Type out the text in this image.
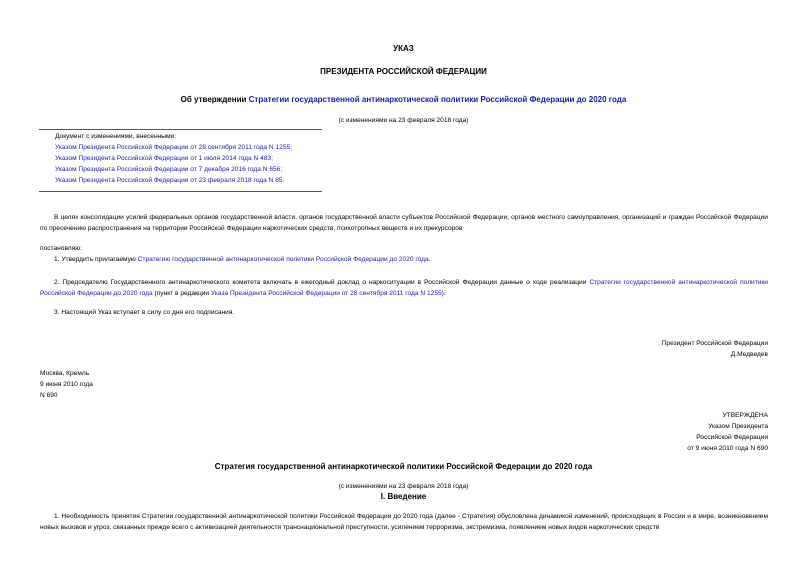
УКАЗ
ПРЕЗИДЕНТА РОССИЙСКОЙ ФЕДЕРАЦИИ
Об утверждении Стратегии государственной антинаркотической политики Российской Федерации до 2020 года
(с изменениями на 23 февраля 2018 года)
Документ с изменениями, внесенными:
Указом Президента Российской Федерации от 28 сентября 2011 года N 1255;
Указом Президента Российской Федерации от 1 июля 2014 года N 483;
Указом Президента Российской Федерации от 7 декабря 2016 года N 656;
Указом Президента Российской Федерации от 23 февраля 2018 года N 85.
В целях консолидации усилий федеральных органов государственной власти, органов государственной власти субъектов Российской Федерации, органов местного самоуправления, организаций и граждан Российской Федерации по пресечению распространения на территории Российской Федерации наркотических средств, психотропных веществ и их прекурсоров
постановляю:
1. Утвердить прилагаемую Стратегию государственной антинаркотической политики Российской Федерации до 2020 года.
2. Председателю Государственного антинаркотического комитета включать в ежегодный доклад о наркоситуации в Российской Федерации данные о ходе реализации Стратегии государственной антинаркотической политики Российской Федерации до 2020 года (пункт в редакции Указа Президента Российской Федерации от 28 сентября 2011 года N 1255).
3. Настоящий Указ вступает в силу со дня его подписания.
Президент Российской Федерации
Д.Медведев
Москва, Кремль
9 июня 2010 года
N 690
УТВЕРЖДЕНА
Указом Президента
Российской Федерации
от 9 июня 2010 года N 690
Стратегия государственной антинаркотической политики Российской Федерации до 2020 года
(с изменениями на 23 февраля 2018 года)
I. Введение
1. Необходимость принятия Стратегии государственной антинаркотической политики Российской Федерации до 2020 года (далее - Стратегия) обусловлена динамикой изменений, происходящих в России и в мире, возникновением новых вызовов и угроз, связанных прежде всего с активизацией деятельности транснациональной преступности, усилением терроризма, экстремизма, появлением новых видов наркотических средств
